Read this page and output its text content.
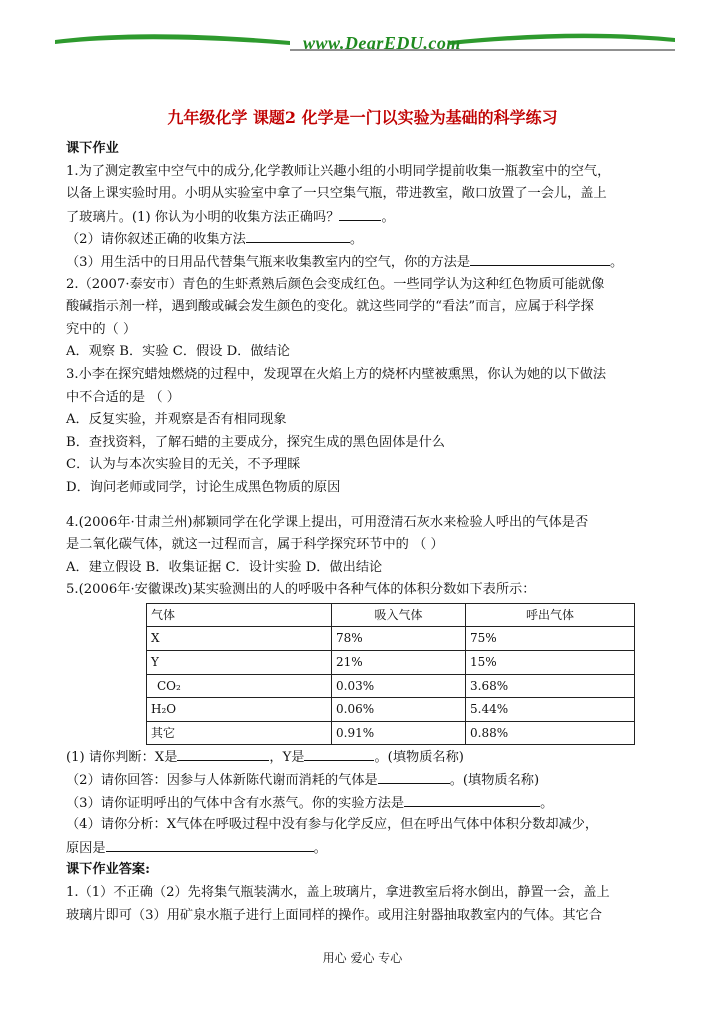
www.DearEDU.com
九年级化学 课题2 化学是一门以实验为基础的科学练习
课下作业
1.为了测定教室中空气中的成分,化学教师让兴趣小组的小明同学提前收集一瓶教室中的空气，
以备上课实验时用。小明从实验室中拿了一只空集气瓶，带进教室，敞口放置了一会儿，盖上
了玻璃片。(1) 你认为小明的收集方法正确吗？	。
（2）请你叙述正确的收集方法	。
（3）用生活中的日用品代替集气瓶来收集教室内的空气，你的方法是	。
2.（2007·泰安市）青色的生虾煮熟后颜色会变成红色。一些同学认为这种红色物质可能就像
酸碱指示剂一样，遇到酸或碱会发生颜色的变化。就这些同学的“看法”而言，应属于科学探
究中的（ ）
A．观察 B．实验 C．假设 D．做结论
3.小李在探究蜡烛燃烧的过程中，发现罩在火焰上方的烧杯内壁被熏黑，你认为她的以下做法
中不合适的是 （ ）
A．反复实验，并观察是否有相同现象
B．查找资料，了解石蜡的主要成分，探究生成的黑色固体是什么
C．认为与本次实验目的无关，不予理睬
D．询问老师或同学，讨论生成黑色物质的原因
4.(2006年·甘肃兰州)郝颖同学在化学课上提出，可用澄清石灰水来检验人呼出的气体是否
是二氧化碳气体，就这一过程而言，属于科学探究环节中的 （ ）
A．建立假设 B．收集证据 C．设计实验 D．做出结论
5.(2006年·安徽课改)某实验测出的人的呼吸中各种气体的体积分数如下表所示：
气体	吸入气体	呼出气体
X	78%	75%
Y	21%	15%
CO₂	0.03%	3.68%
H₂O	0.06%	5.44%
其它	0.91%	0.88%
(1) 请你判断：X是	，Y是	。(填物质名称)
（2）请你回答：因参与人体新陈代谢而消耗的气体是	。(填物质名称)
（3）请你证明呼出的气体中含有水蒸气。你的实验方法是	。
（4）请你分析：X气体在呼吸过程中没有参与化学反应，但在呼出气体中体积分数却减少，
原因是	。
课下作业答案:
1.（1）不正确（2）先将集气瓶装满水，盖上玻璃片，拿进教室后将水倒出，静置一会，盖上
玻璃片即可（3）用矿泉水瓶子进行上面同样的操作。或用注射器抽取教室内的气体。其它合
用心 爱心 专心
